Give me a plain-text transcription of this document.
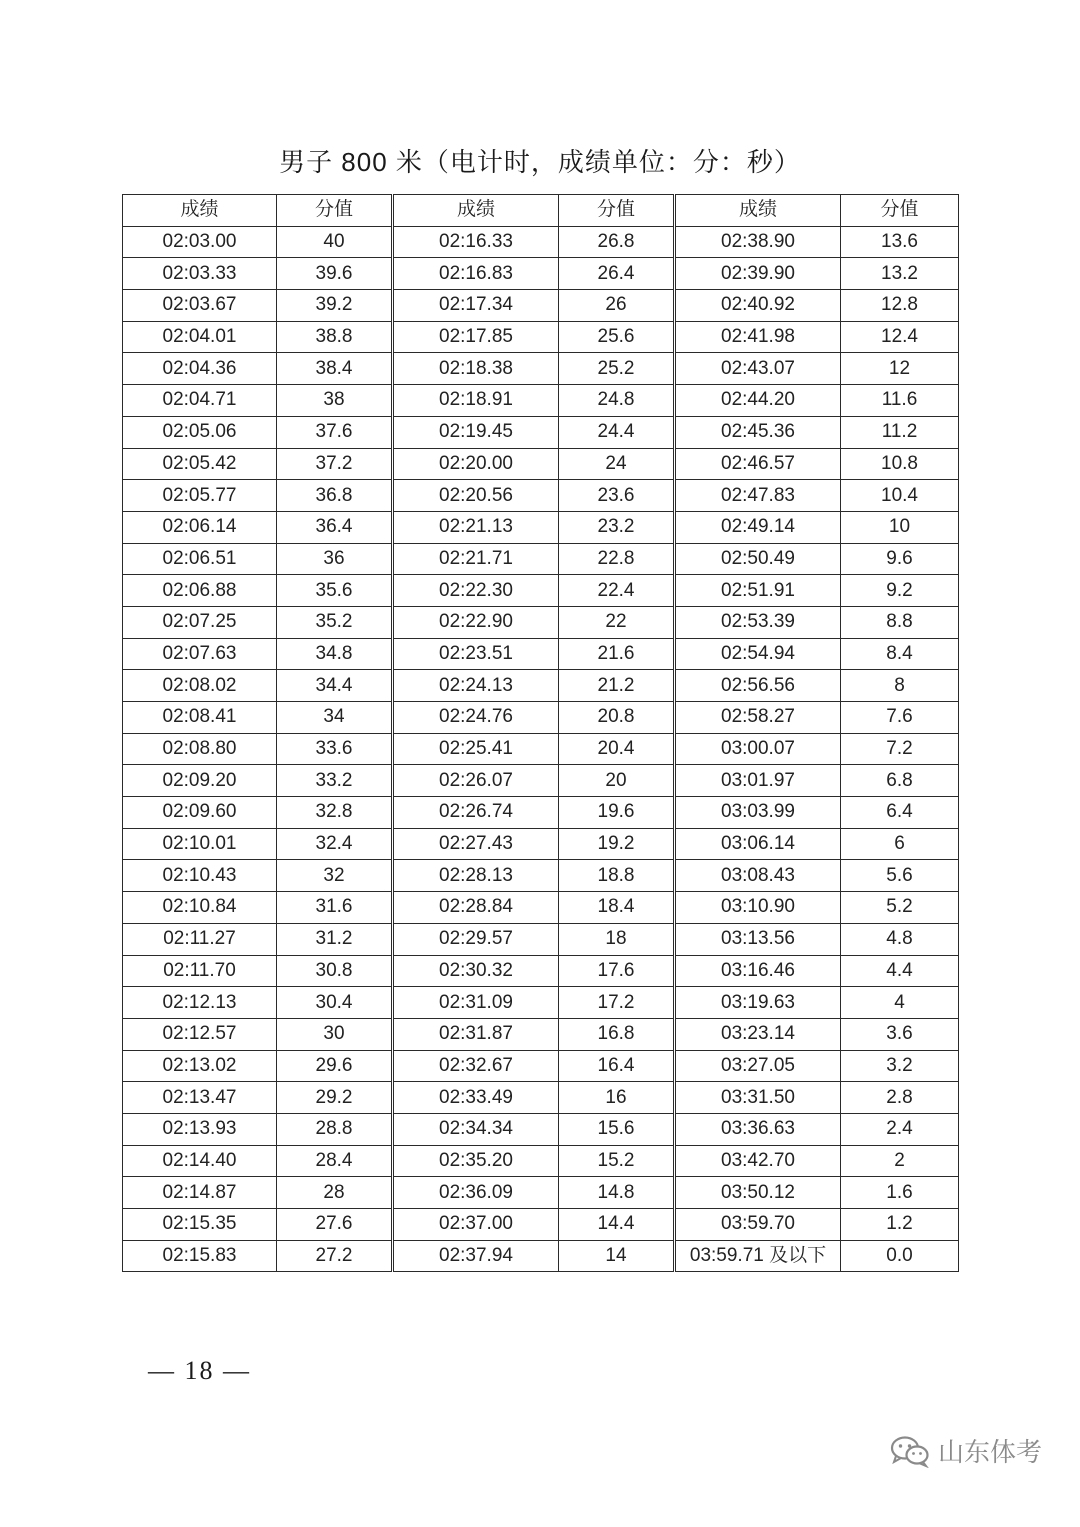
男子 800 米（电计时，成绩单位：分：秒）
成绩	分值	成绩	分值	成绩	分值
02:03.00	40	02:16.33	26.8	02:38.90	13.6
02:03.33	39.6	02:16.83	26.4	02:39.90	13.2
02:03.67	39.2	02:17.34	26	02:40.92	12.8
02:04.01	38.8	02:17.85	25.6	02:41.98	12.4
02:04.36	38.4	02:18.38	25.2	02:43.07	12
02:04.71	38	02:18.91	24.8	02:44.20	11.6
02:05.06	37.6	02:19.45	24.4	02:45.36	11.2
02:05.42	37.2	02:20.00	24	02:46.57	10.8
02:05.77	36.8	02:20.56	23.6	02:47.83	10.4
02:06.14	36.4	02:21.13	23.2	02:49.14	10
02:06.51	36	02:21.71	22.8	02:50.49	9.6
02:06.88	35.6	02:22.30	22.4	02:51.91	9.2
02:07.25	35.2	02:22.90	22	02:53.39	8.8
02:07.63	34.8	02:23.51	21.6	02:54.94	8.4
02:08.02	34.4	02:24.13	21.2	02:56.56	8
02:08.41	34	02:24.76	20.8	02:58.27	7.6
02:08.80	33.6	02:25.41	20.4	03:00.07	7.2
02:09.20	33.2	02:26.07	20	03:01.97	6.8
02:09.60	32.8	02:26.74	19.6	03:03.99	6.4
02:10.01	32.4	02:27.43	19.2	03:06.14	6
02:10.43	32	02:28.13	18.8	03:08.43	5.6
02:10.84	31.6	02:28.84	18.4	03:10.90	5.2
02:11.27	31.2	02:29.57	18	03:13.56	4.8
02:11.70	30.8	02:30.32	17.6	03:16.46	4.4
02:12.13	30.4	02:31.09	17.2	03:19.63	4
02:12.57	30	02:31.87	16.8	03:23.14	3.6
02:13.02	29.6	02:32.67	16.4	03:27.05	3.2
02:13.47	29.2	02:33.49	16	03:31.50	2.8
02:13.93	28.8	02:34.34	15.6	03:36.63	2.4
02:14.40	28.4	02:35.20	15.2	03:42.70	2
02:14.87	28	02:36.09	14.8	03:50.12	1.6
02:15.35	27.6	02:37.00	14.4	03:59.70	1.2
02:15.83	27.2	02:37.94	14	03:59.71 及以下	0.0
— 18 —
山东体考
